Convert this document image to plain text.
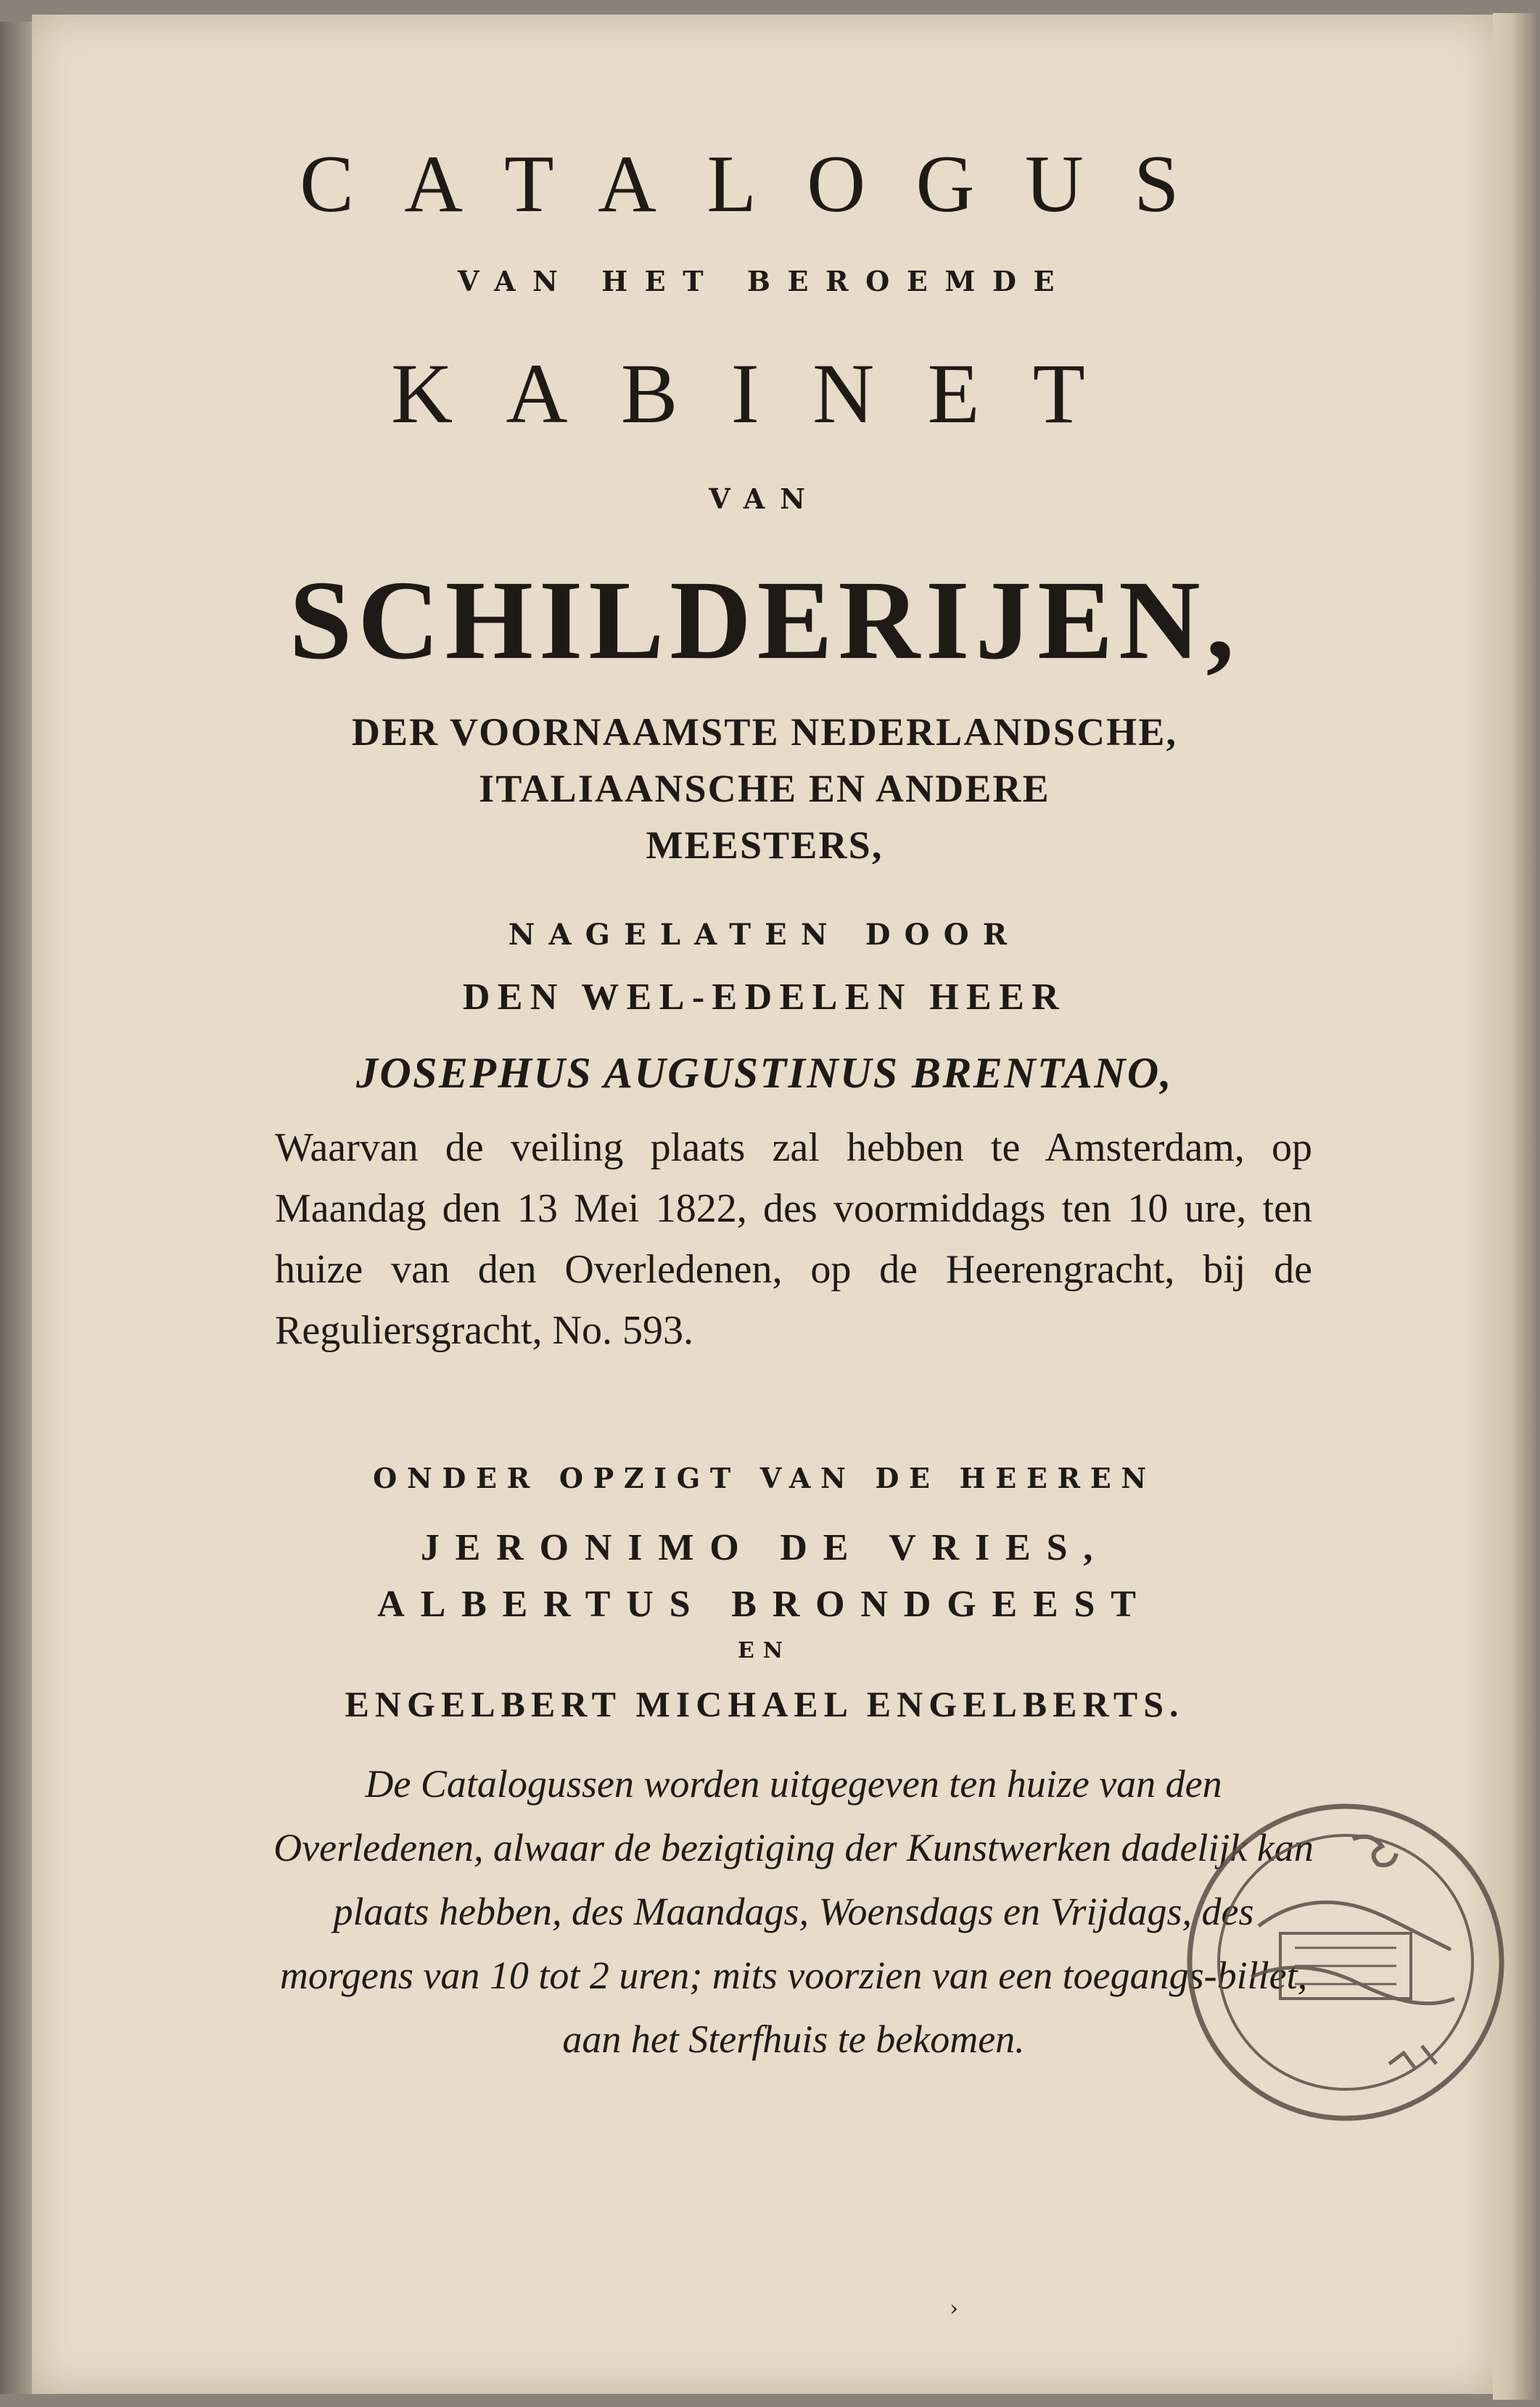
CATALOGUS
VAN HET BEROEMDE
KABINET
VAN
SCHILDERIJEN,
DER VOORNAAMSTE NEDERLANDSCHE,
ITALIAANSCHE EN ANDERE
MEESTERS,
NAGELATEN DOOR
DEN WEL-EDELEN HEER
JOSEPHUS AUGUSTINUS BRENTANO,
Waarvan de veiling plaats zal hebben te Amsterdam, op Maandag den 13 Mei 1822, des voormiddags ten 10 ure, ten huize van den Overledenen, op de Heerengracht, bij de Reguliersgracht, No. 593.
ONDER OPZIGT VAN DE HEEREN
JERONIMO DE VRIES,
ALBERTUS BRONDGEEST
EN
ENGELBERT MICHAEL ENGELBERTS.
De Catalogussen worden uitgegeven ten huize van den Overledenen, alwaar de bezigtiging der Kunstwerken dadelijk kan plaats hebben, des Maandags, Woensdags en Vrijdags, des morgens van 10 tot 2 uren; mits voorzien van een toegangs-billet, aan het Sterfhuis te bekomen.
›
